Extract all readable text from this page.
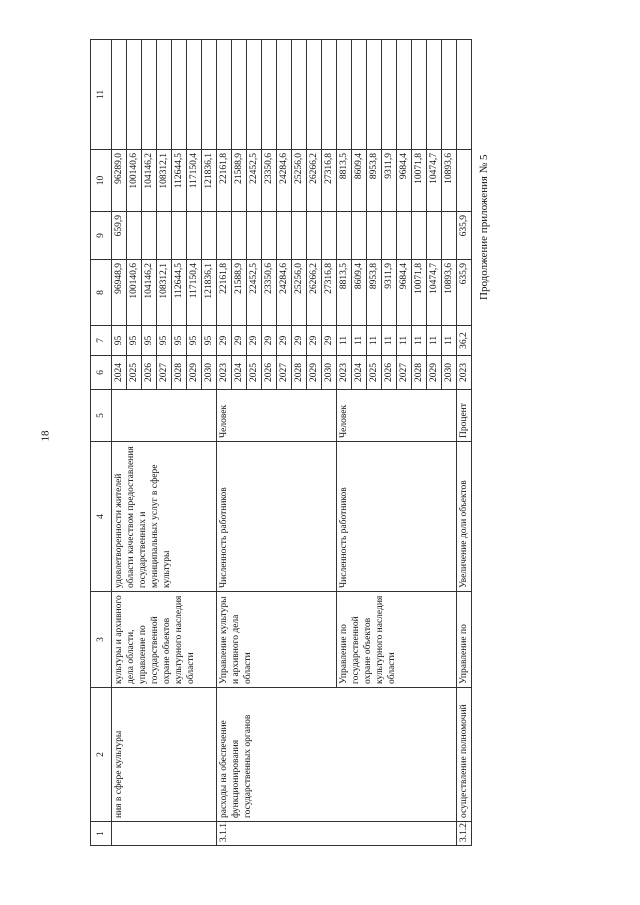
18
Продолжение приложения № 5
1	2	3	4	5	6	7	8	9	10	11	
	ния в сфере культуры	культуры и архивного дела области, управление по государственной охране объектов культурного наследия области	удовлетворенности жителей области качеством предоставления государственных и муниципальных услуг в сфере культуры		2024	95	96948,9	659,9	96289,0		
					2025	95	100140,6		100140,6		
					2026	95	104146,2		104146,2		
					2027	95	108312,1		108312,1		
					2028	95	112644,5		112644,5		
					2029	95	117150,4		117150,4		
					2030	95	121836,1		121836,1		
3.1.1.	расходы на обеспечение функционирования государственных органов	Управление культуры и архивного дела области	Численность работников	Человек	2023	29	22161,8		22161,8		
					2024	29	21588,9		21588,9		
					2025	29	22452,5		22452,5		
					2026	29	23350,6		23350,6		
					2027	29	24284,6		24284,6		
					2028	29	25256,0		25256,0		
					2029	29	26266,2		26266,2		
					2030	29	27316,8		27316,8		
		Управление по государственной охране объектов культурного наследия области	Численность работников	Человек	2023	11	8813,5		8813,5		
					2024	11	8609,4		8609,4		
					2025	11	8953,8		8953,8		
					2026	11	9311,9		9311,9		
					2027	11	9684,4		9684,4		
					2028	11	10071,8		10071,8		
					2029	11	10474,7		10474,7		
					2030	11	10893,6		10893,6		
3.1.2.	осуществление полномочий	Управление по	Увеличение доли объектов	Процент	2023	36,2	635,9	635,9			
